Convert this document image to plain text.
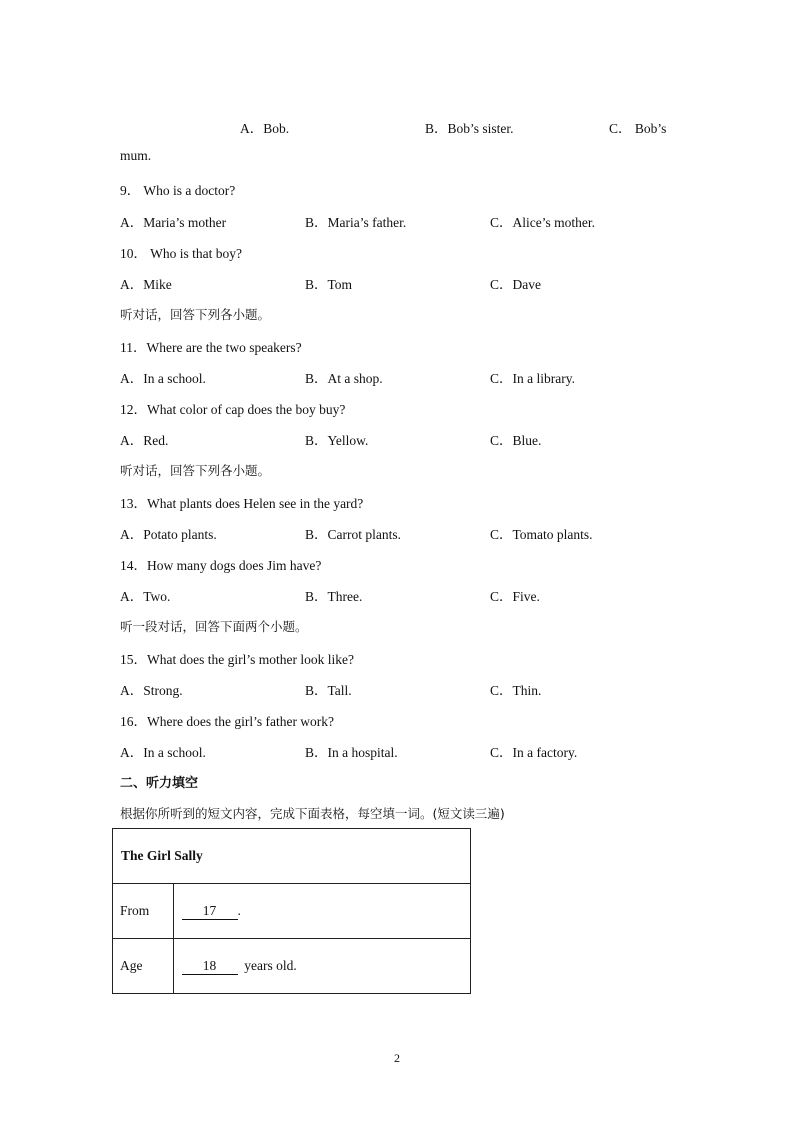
A．Bob.	B．Bob’s sister.	C． Bob’s
mum.
9． Who is a doctor?
A．Maria’s mother	B．Maria’s father.	C．Alice’s mother.
10． Who is that boy?
A．Mike	B．Tom	C．Dave
听对话，回答下列各小题。
11．Where are the two speakers?
A．In a school.	B．At a shop.	C．In a library.
12．What color of cap does the boy buy?
A．Red.	B．Yellow.	C．Blue.
听对话，回答下列各小题。
13．What plants does Helen see in the yard?
A．Potato plants.	B．Carrot plants.	C．Tomato plants.
14．How many dogs does Jim have?
A．Two.	B．Three.	C．Five.
听一段对话，回答下面两个小题。
15．What does the girl’s mother look like?
A．Strong.	B．Tall.	C．Thin.
16．Where does the girl’s father work?
A．In a school.	B．In a hospital.	C．In a factory.
二、听力填空
根据你所听到的短文内容，完成下面表格，每空填一词。(短文读三遍)
The Girl Sally	
From	17 .
Age	18 years old.
2
